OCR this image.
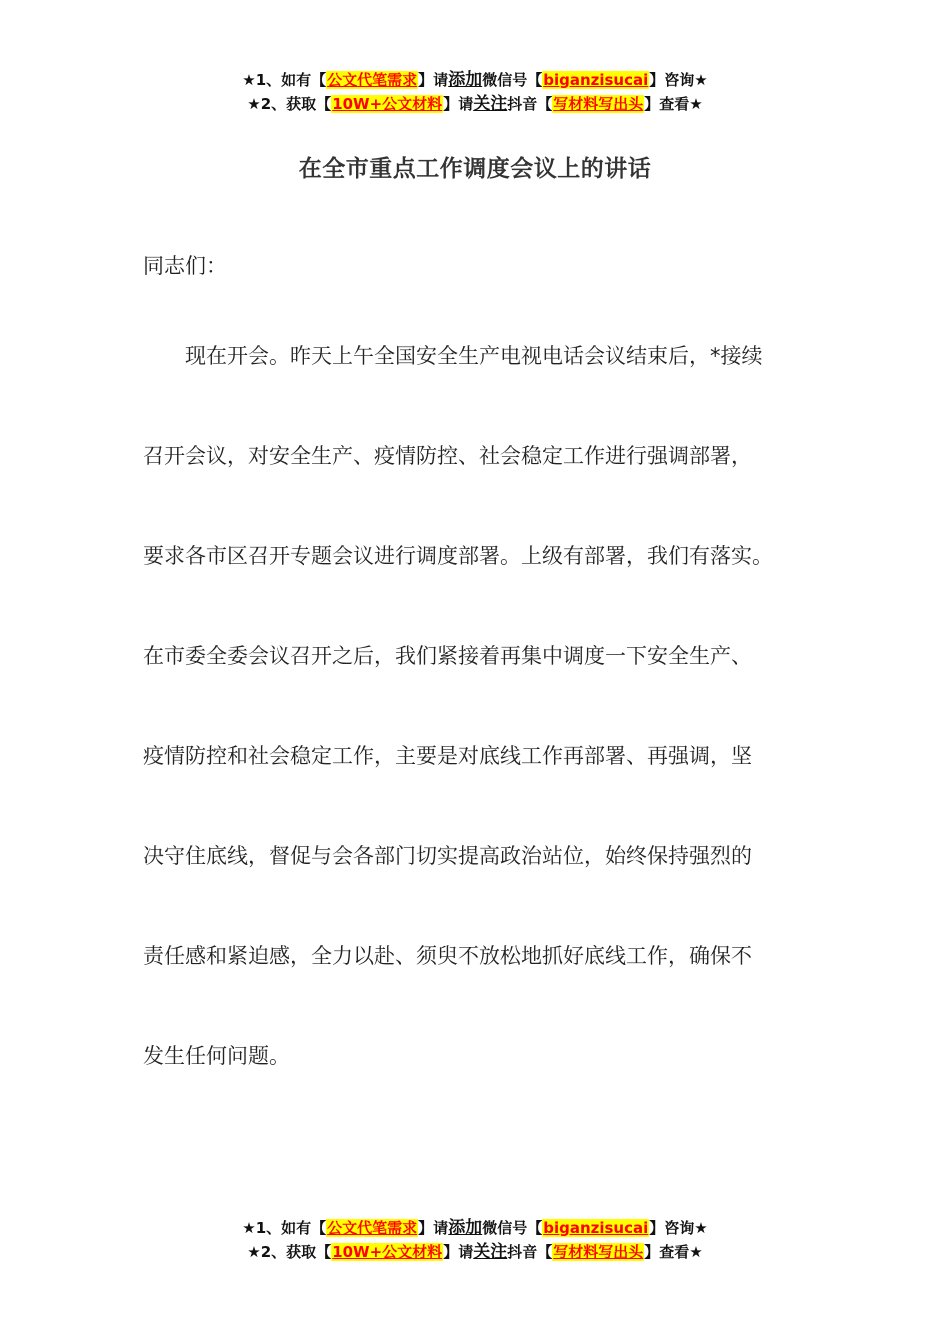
★1、如有【公文代笔需求】请添加微信号【biganzisucai】咨询★
★2、获取【10W+公文材料】请关注抖音【写材料写出头】查看★
在全市重点工作调度会议上的讲话
同志们：
　　现在开会。昨天上午全国安全生产电视电话会议结束后，*接续
召开会议，对安全生产、疫情防控、社会稳定工作进行强调部署，
要求各市区召开专题会议进行调度部署。上级有部署，我们有落实。
在市委全委会议召开之后，我们紧接着再集中调度一下安全生产、
疫情防控和社会稳定工作，主要是对底线工作再部署、再强调，坚
决守住底线，督促与会各部门切实提高政治站位，始终保持强烈的
责任感和紧迫感，全力以赴、须臾不放松地抓好底线工作，确保不
发生任何问题。
★1、如有【公文代笔需求】请添加微信号【biganzisucai】咨询★
★2、获取【10W+公文材料】请关注抖音【写材料写出头】查看★
